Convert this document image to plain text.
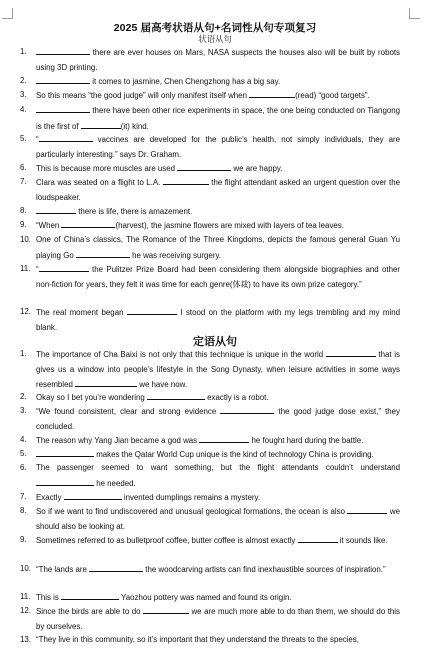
2025 届高考状语从句+名词性从句专项复习
状语从句
1.	there are ever houses on Mars, NASA suspects the houses also will be built by robots using 3D printing.
2.	it comes to jasmine, Chen Chengzhong has a big say.
3.	So this means “the good judge” will only manifest itself when	(read) “good targets”.
4.	there have been other rice experiments in space, the one being conducted on Tiangong is the first of	(it) kind.
5.	“	vaccines are developed for the public’s health, not simply individuals, they are particularly interesting.” says Dr. Graham.
6.	This is because more muscles are used	we are happy.
7.	Clara was seated on a flight to L.A.	the flight attendant asked an urgent question over the loudspeaker.
8.	there is life, there is amazement.
9.	“When	(harvest), the jasmine flowers are mixed with layers of tea leaves.
10. One of China’s classics, The Romance of the Three Kingdoms, depicts the famous general Guan Yu playing Go	he was receiving surgery.
11. “	the Pulitzer Prize Board had been considering them alongside biographies and other non-fiction for years, they felt it was time for each genre(体裁) to have its own prize category.”
12. The real moment began	I stood on the platform with my legs trembling and my mind blank.
定语从句
1.	The importance of Cha Baixi is not only that this technique is unique in the world	that is gives us a window into people’s lifestyle in the Song Dynasty, when leisure activities in some ways resembled	we have now.
2.	Okay so I bet you’re wondering	exactly is a robot.
3.	“We found consistent, clear and strong evidence	the good judge dose exist,” they concluded.
4.	The reason why Yang Jian became a god was	he fought hard during the battle.
5.	makes the Qatar World Cup unique is the kind of technology China is providing.
6.	The passenger seemed to want something, but the flight attendants couldn’t understand  he needed.
7.	Exactly	invented dumplings remains a mystery.
8.	So if we want to find undiscovered and unusual geological formations, the ocean is also	we should also be looking at.
9.	Sometimes referred to as bulletproof coffee, butter coffee is almost exactly	it sounds like.
10. “The lands are	the woodcarving artists can find inexhaustible sources of inspiration.”
11. This is	Yaozhou pottery was named and found its origin.
12. Since the birds are able to do	we are much more able to do than them, we should do this by ourselves.
13. “They live in this community, so it’s important that they understand the threats to the species,
